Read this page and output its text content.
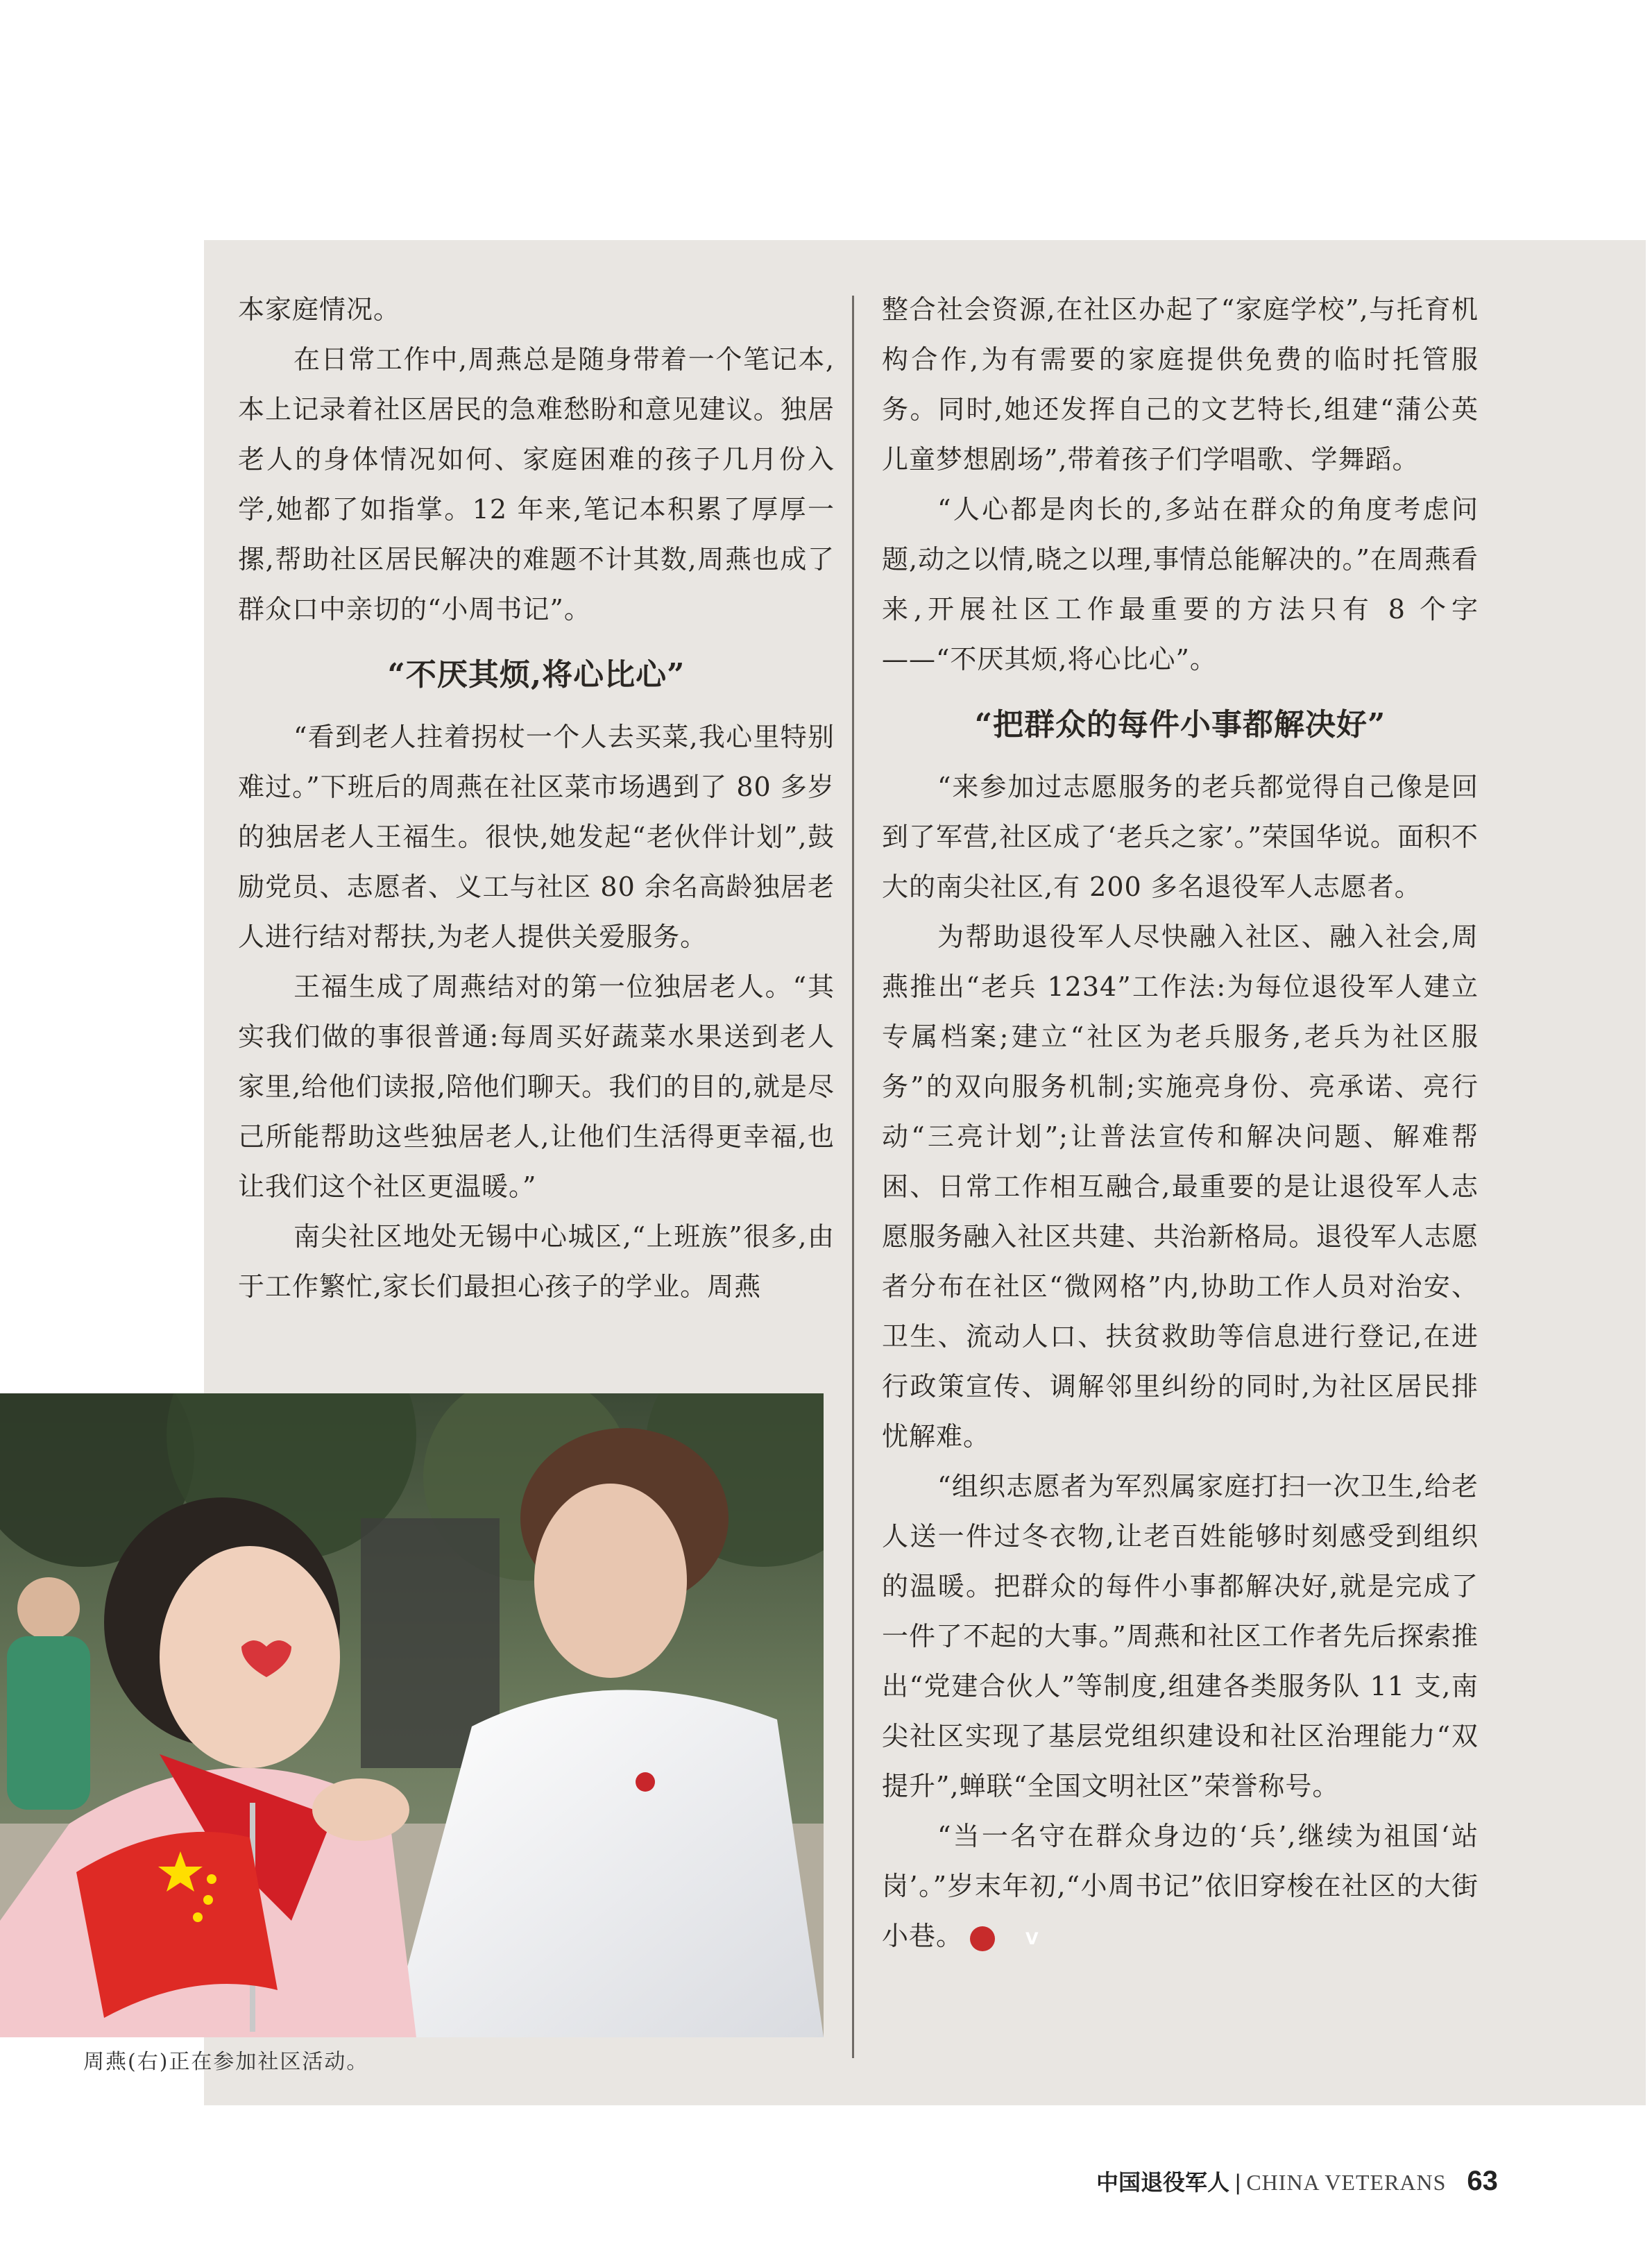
本家庭情况。

在日常工作中,周燕总是随身带着一个笔记本,本上记录着社区居民的急难愁盼和意见建议。独居老人的身体情况如何、家庭困难的孩子几月份入学,她都了如指掌。12 年来,笔记本积累了厚厚一摞,帮助社区居民解决的难题不计其数,周燕也成了群众口中亲切的“小周书记”。

“不厌其烦,将心比心”

“看到老人拄着拐杖一个人去买菜,我心里特别难过。”下班后的周燕在社区菜市场遇到了 80 多岁的独居老人王福生。很快,她发起“老伙伴计划”,鼓励党员、志愿者、义工与社区 80 余名高龄独居老人进行结对帮扶,为老人提供关爱服务。

王福生成了周燕结对的第一位独居老人。“其实我们做的事很普通:每周买好蔬菜水果送到老人家里,给他们读报,陪他们聊天。我们的目的,就是尽己所能帮助这些独居老人,让他们生活得更幸福,也让我们这个社区更温暖。”

南尖社区地处无锡中心城区,“上班族”很多,由于工作繁忙,家长们最担心孩子的学业。周燕

整合社会资源,在社区办起了“家庭学校”,与托育机构合作,为有需要的家庭提供免费的临时托管服务。同时,她还发挥自己的文艺特长,组建“蒲公英儿童梦想剧场”,带着孩子们学唱歌、学舞蹈。

“人心都是肉长的,多站在群众的角度考虑问题,动之以情,晓之以理,事情总能解决的。”在周燕看来,开展社区工作最重要的方法只有 8 个字——“不厌其烦,将心比心”。

“把群众的每件小事都解决好”

“来参加过志愿服务的老兵都觉得自己像是回到了军营,社区成了‘老兵之家’。”荣国华说。面积不大的南尖社区,有 200 多名退役军人志愿者。

为帮助退役军人尽快融入社区、融入社会,周燕推出“老兵 1234”工作法:为每位退役军人建立专属档案;建立“社区为老兵服务,老兵为社区服务”的双向服务机制;实施亮身份、亮承诺、亮行动“三亮计划”;让普法宣传和解决问题、解难帮困、日常工作相互融合,最重要的是让退役军人志愿服务融入社区共建、共治新格局。退役军人志愿者分布在社区“微网格”内,协助工作人员对治安、卫生、流动人口、扶贫救助等信息进行登记,在进行政策宣传、调解邻里纠纷的同时,为社区居民排忧解难。

“组织志愿者为军烈属家庭打扫一次卫生,给老人送一件过冬衣物,让老百姓能够时刻感受到组织的温暖。把群众的每件小事都解决好,就是完成了一件了不起的大事。”周燕和社区工作者先后探索推出“党建合伙人”等制度,组建各类服务队 11 支,南尖社区实现了基层党组织建设和社区治理能力“双提升”,蝉联“全国文明社区”荣誉称号。

“当一名守在群众身边的‘兵’,继续为祖国‘站岗’。”岁末年初,“小周书记”依旧穿梭在社区的大街小巷。	V

周燕(右)正在参加社区活动。
中国退役军人 | CHINA VETERANS 63
